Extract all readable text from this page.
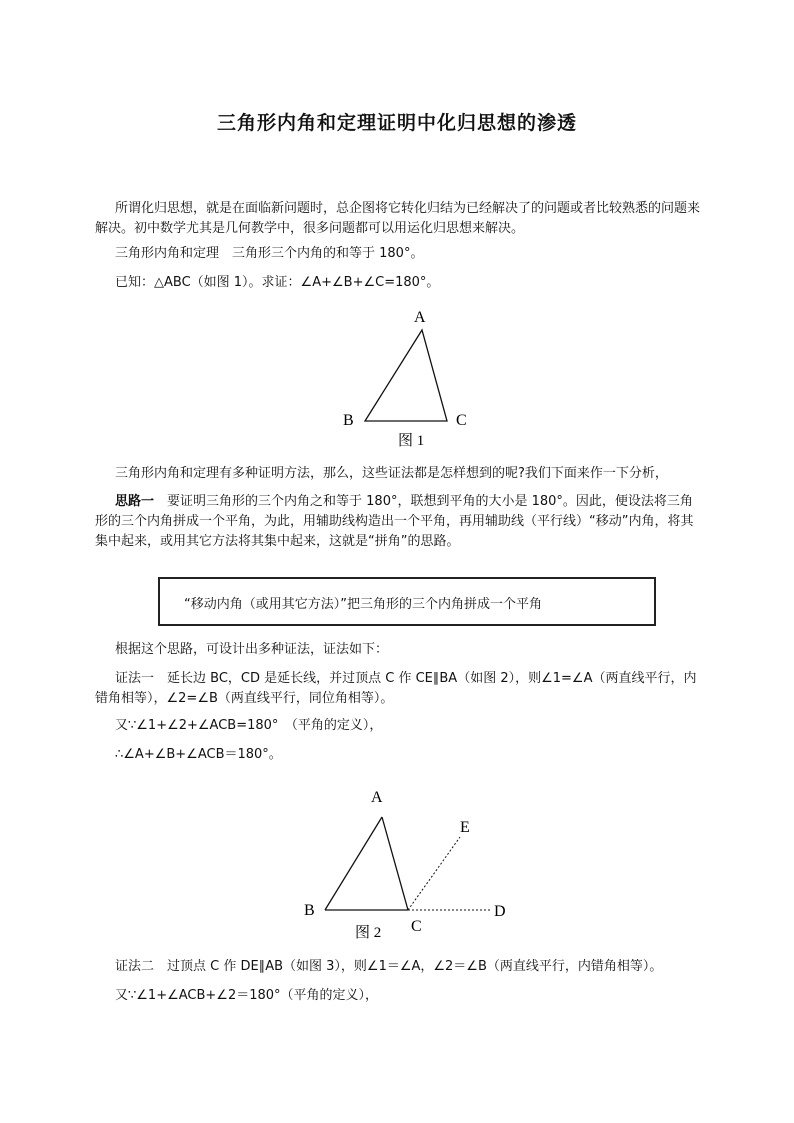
三角形内角和定理证明中化归思想的渗透

所谓化归思想，就是在面临新问题时，总企图将它转化归结为已经解决了的问题或者比较熟悉的问题来解决。初中数学尤其是几何教学中，很多问题都可以用运化归思想来解决。

三角形内角和定理　三角形三个内角的和等于 180°。

已知：△ABC（如图 1）。求证：∠A+∠B+∠C=180°。

A
B	C
图 1

三角形内角和定理有多种证明方法，那么，这些证法都是怎样想到的呢?我们下面来作一下分析，

思路一　要证明三角形的三个内角之和等于 180°，联想到平角的大小是 180°。因此，便设法将三角形的三个内角拼成一个平角，为此，用辅助线构造出一个平角，再用辅助线（平行线）“移动”内角，将其集中起来，或用其它方法将其集中起来，这就是“拼角”的思路。

“移动内角（或用其它方法）”把三角形的三个内角拼成一个平角

根据这个思路，可设计出多种证法，证法如下：

证法一　延长边 BC，CD 是延长线，并过顶点 C 作 CE∥BA（如图 2），则∠1=∠A（两直线平行，内错角相等），∠2=∠B（两直线平行，同位角相等）。

又∵∠1+∠2+∠ACB=180°　（平角的定义），

∴∠A+∠B+∠ACB＝180°。

A
B
C
D
E
图 2

证法二　过顶点 C 作 DE∥AB（如图 3），则∠1＝∠A，∠2＝∠B（两直线平行，内错角相等）。

又∵∠1+∠ACB+∠2＝180°（平角的定义），
